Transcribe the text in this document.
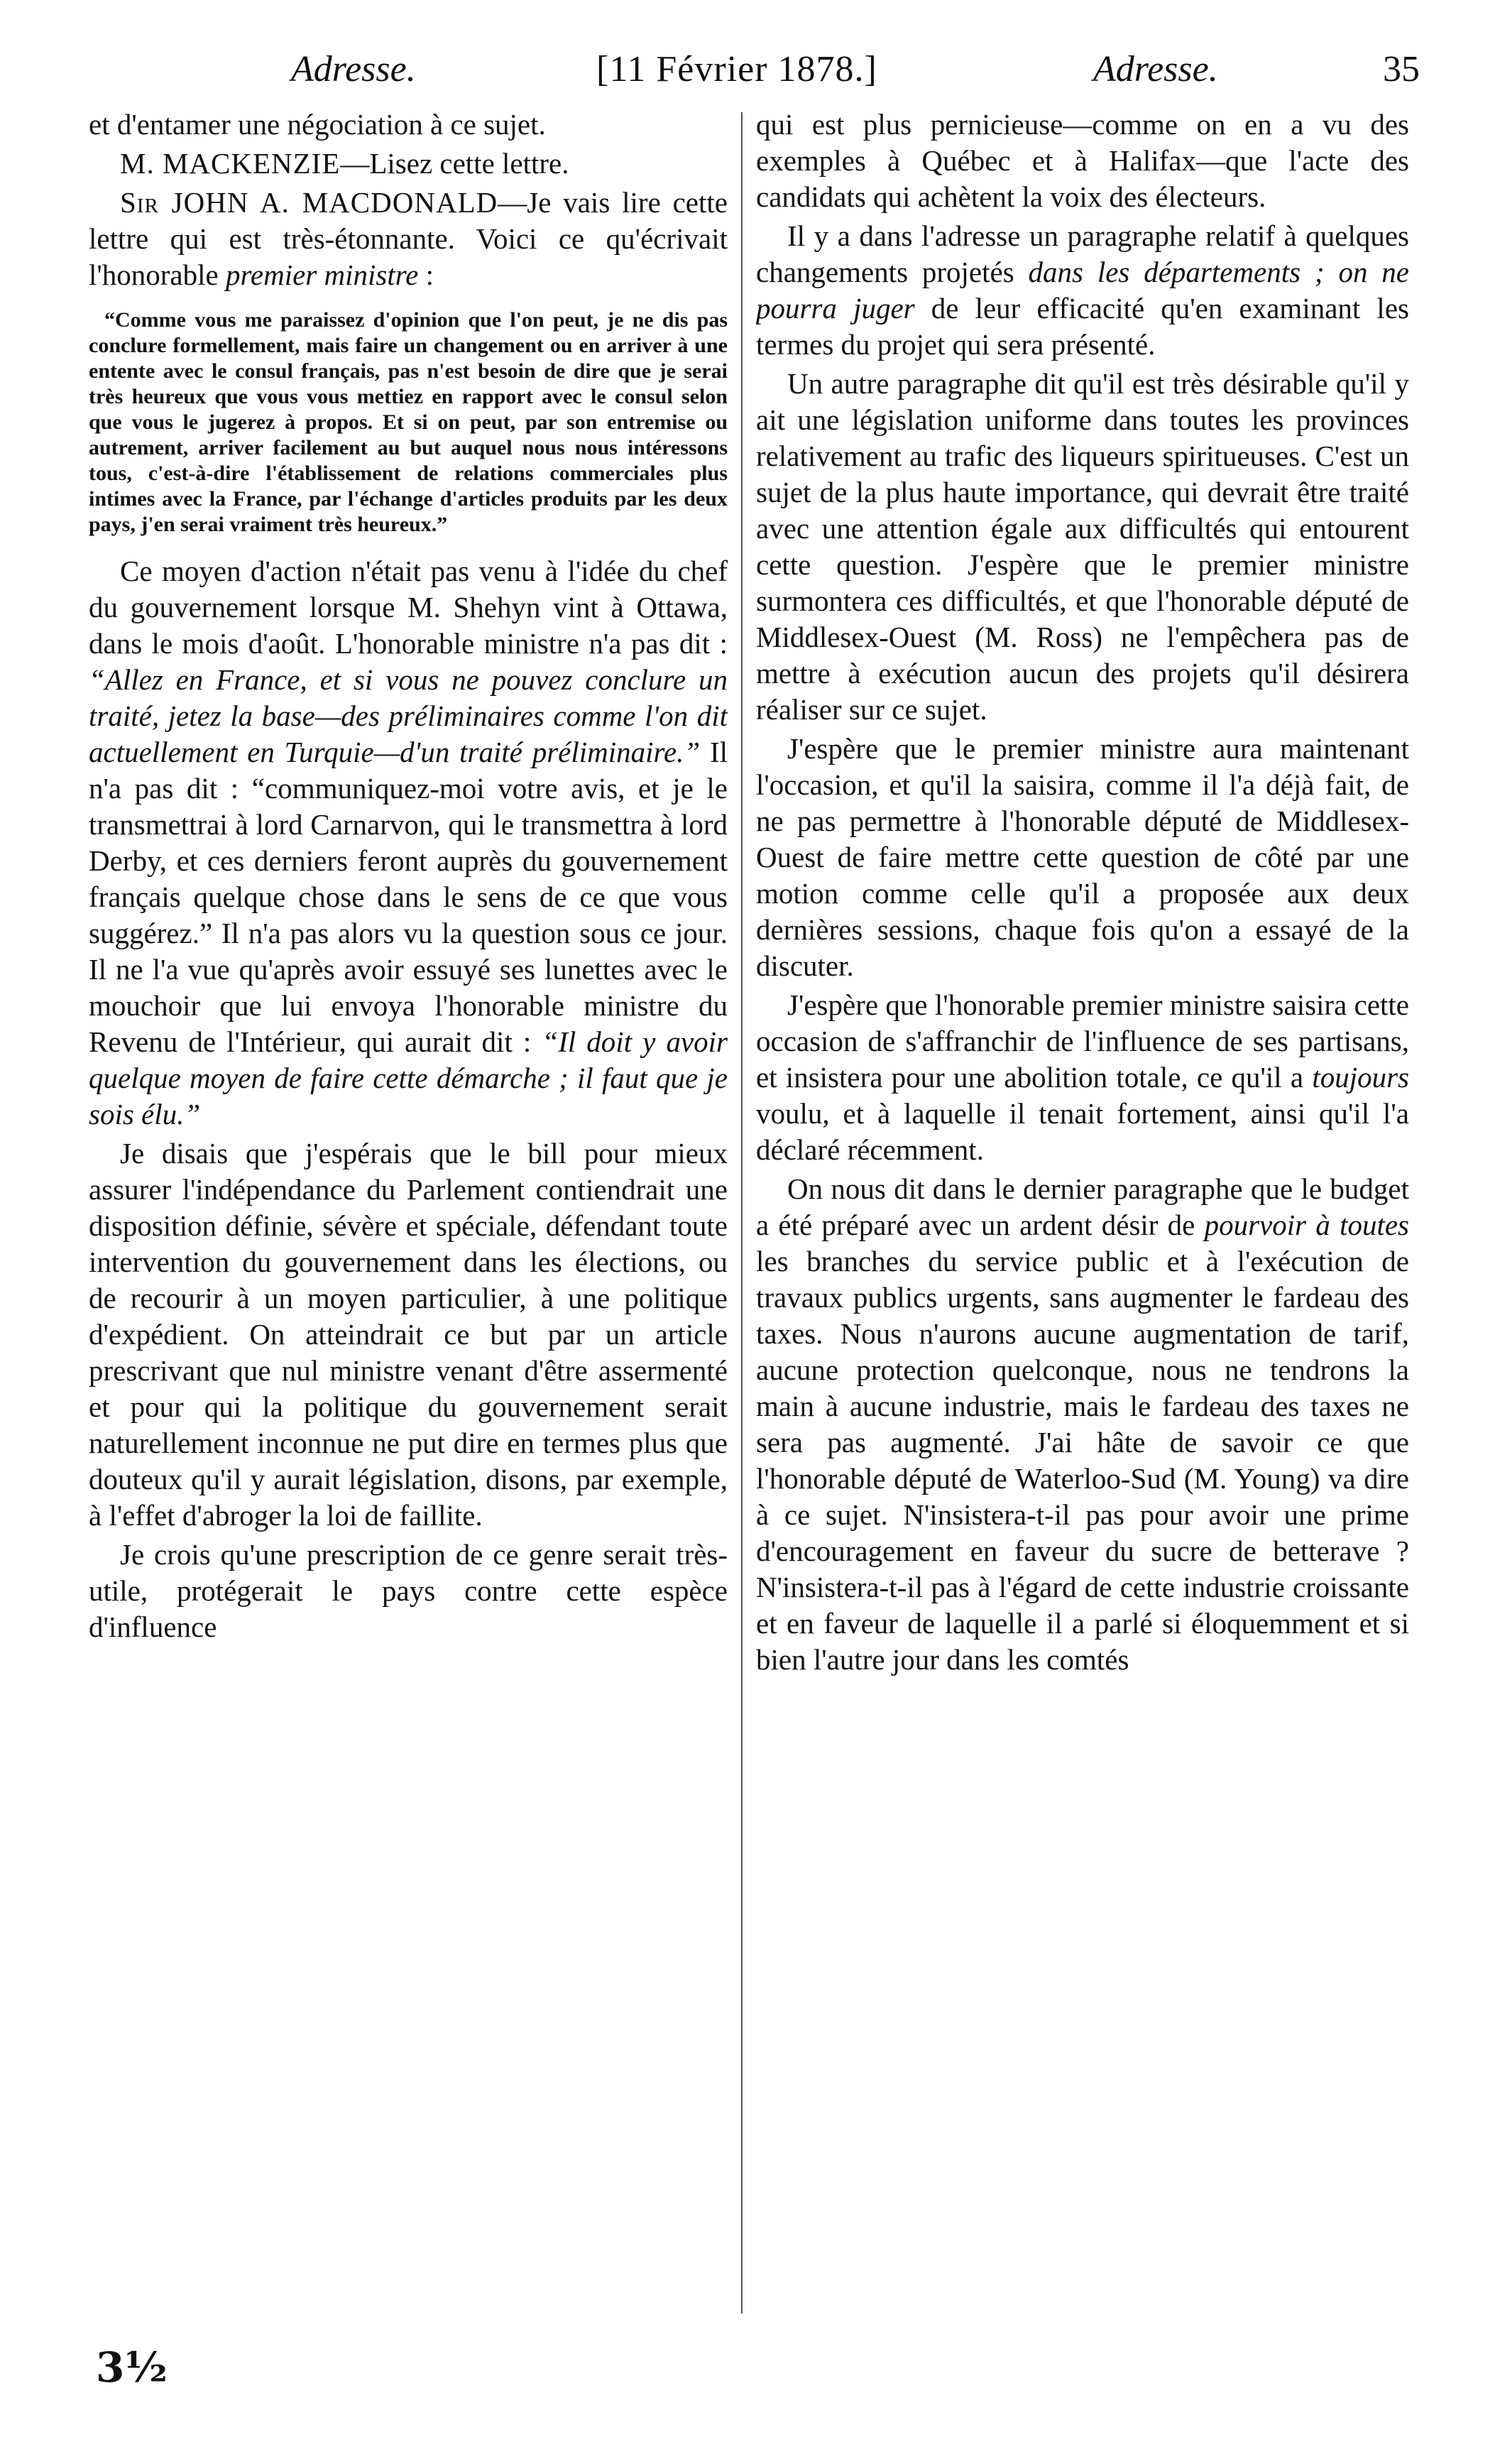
Adresse.	[11 Février 1878.]	Adresse.	35

et d'entamer une négociation à ce sujet.

M. MACKENZIE—Lisez cette lettre.

Sir JOHN A. MACDONALD—Je vais lire cette lettre qui est très-étonnante. Voici ce qu'écrivait l'honorable premier ministre :

“Comme vous me paraissez d'opinion que l'on peut, je ne dis pas conclure formellement, mais faire un changement ou en arriver à une entente avec le consul français, pas n'est besoin de dire que je serai très heureux que vous vous mettiez en rapport avec le consul selon que vous le jugerez à propos. Et si on peut, par son entremise ou autrement, arriver facilement au but auquel nous nous intéressons tous, c'est-à-dire l'établissement de relations commerciales plus intimes avec la France, par l'échange d'articles produits par les deux pays, j'en serai vraiment très heureux.”

Ce moyen d'action n'était pas venu à l'idée du chef du gouvernement lorsque M. Shehyn vint à Ottawa, dans le mois d'août. L'honorable ministre n'a pas dit : “Allez en France, et si vous ne pouvez conclure un traité, jetez la base—des préliminaires comme l'on dit actuellement en Turquie—d'un traité préliminaire.” Il n'a pas dit : “communiquez-moi votre avis, et je le transmettrai à lord Carnarvon, qui le transmettra à lord Derby, et ces derniers feront auprès du gouvernement français quelque chose dans le sens de ce que vous suggérez.” Il n'a pas alors vu la question sous ce jour. Il ne l'a vue qu'après avoir essuyé ses lunettes avec le mouchoir que lui envoya l'honorable ministre du Revenu de l'Intérieur, qui aurait dit : “Il doit y avoir quelque moyen de faire cette démarche ; il faut que je sois élu.”

Je disais que j'espérais que le bill pour mieux assurer l'indépendance du Parlement contiendrait une disposition définie, sévère et spéciale, défendant toute intervention du gouvernement dans les élections, ou de recourir à un moyen particulier, à une politique d'expédient. On atteindrait ce but par un article prescrivant que nul ministre venant d'être assermenté et pour qui la politique du gouvernement serait naturellement inconnue ne put dire en termes plus que douteux qu'il y aurait législation, disons, par exemple, à l'effet d'abroger la loi de faillite.

Je crois qu'une prescription de ce genre serait très-utile, protégerait le pays contre cette espèce d'influence

qui est plus pernicieuse—comme on en a vu des exemples à Québec et à Halifax—que l'acte des candidats qui achètent la voix des électeurs.

Il y a dans l'adresse un paragraphe relatif à quelques changements projetés dans les départements ; on ne pourra juger de leur efficacité qu'en examinant les termes du projet qui sera présenté.

Un autre paragraphe dit qu'il est très désirable qu'il y ait une législation uniforme dans toutes les provinces relativement au trafic des liqueurs spiritueuses. C'est un sujet de la plus haute importance, qui devrait être traité avec une attention égale aux difficultés qui entourent cette question. J'espère que le premier ministre surmontera ces difficultés, et que l'honorable député de Middlesex-Ouest (M. Ross) ne l'empêchera pas de mettre à exécution aucun des projets qu'il désirera réaliser sur ce sujet.

J'espère que le premier ministre aura maintenant l'occasion, et qu'il la saisira, comme il l'a déjà fait, de ne pas permettre à l'honorable député de Middlesex-Ouest de faire mettre cette question de côté par une motion comme celle qu'il a proposée aux deux dernières sessions, chaque fois qu'on a essayé de la discuter.

J'espère que l'honorable premier ministre saisira cette occasion de s'affranchir de l'influence de ses partisans, et insistera pour une abolition totale, ce qu'il a toujours voulu, et à laquelle il tenait fortement, ainsi qu'il l'a déclaré récemment.

On nous dit dans le dernier paragraphe que le budget a été préparé avec un ardent désir de pourvoir à toutes les branches du service public et à l'exécution de travaux publics urgents, sans augmenter le fardeau des taxes. Nous n'aurons aucune augmentation de tarif, aucune protection quelconque, nous ne tendrons la main à aucune industrie, mais le fardeau des taxes ne sera pas augmenté. J'ai hâte de savoir ce que l'honorable député de Waterloo-Sud (M. Young) va dire à ce sujet. N'insistera-t-il pas pour avoir une prime d'encouragement en faveur du sucre de betterave ? N'insistera-t-il pas à l'égard de cette industrie croissante et en faveur de laquelle il a parlé si éloquemment et si bien l'autre jour dans les comtés

3½
